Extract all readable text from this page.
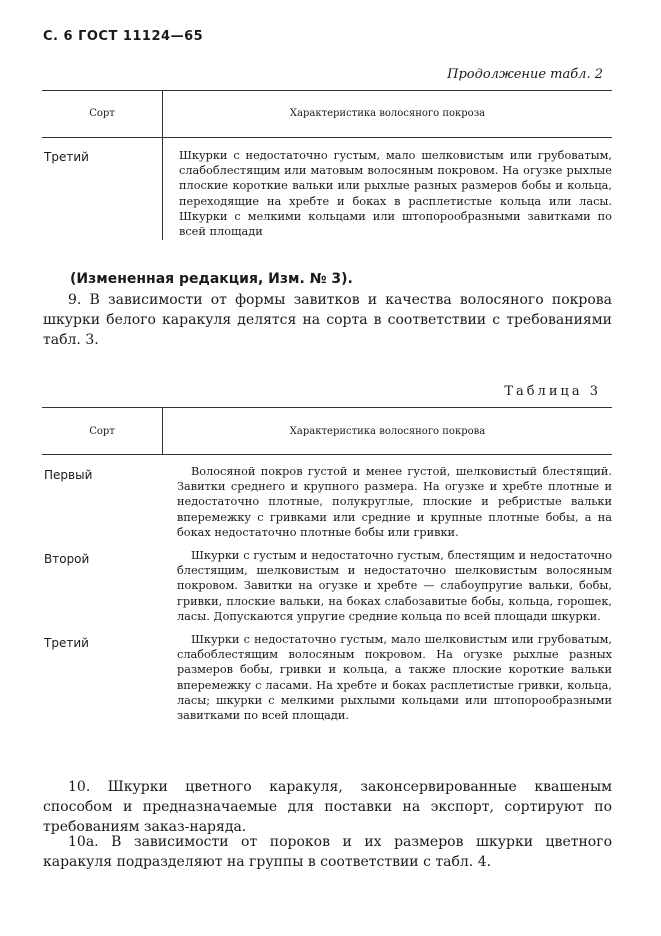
С. 6 ГОСТ 11124—65
Продолжение табл. 2
Сорт	Характеристика волосяного покроза
Третий	Шкурки с недостаточно густым, мало шелковистым или грубоватым, слабоблестящим или матовым волосяным покровом. На огузке рыхлые плоские короткие вальки или рыхлые разных размеров бобы и кольца, переходящие на хребте и боках в расплетистые кольца или ласы. Шкурки с мелкими кольцами или штопорообразными завитками по всей площади

(Измененная редакция, Изм. № 3).
9. В зависимости от формы завитков и качества волосяного покрова шкурки белого каракуля делятся на сорта в соответствии с требованиями табл. 3.
Таблица 3
Сорт	Характеристика волосяного покрова
Первый	Волосяной покров густой и менее густой, шелковистый блестящий. Завитки среднего и крупного размера. На огузке и хребте плотные и недостаточно плотные, полукруглые, плоские и ребристые вальки вперемежку с гривками или средние и крупные плотные бобы, а на боках недостаточно плотные бобы или гривки.

Второй	Шкурки с густым и недостаточно густым, блестящим и недостаточно блестящим, шелковистым и недостаточно шелковистым волосяным покровом. Завитки на огузке и хребте — слабоупругие вальки, бобы, гривки, плоские вальки, на боках слабозавитые бобы, кольца, горошек, ласы. Допускаются упругие средние кольца по всей площади шкурки.

Третий	Шкурки с недостаточно густым, мало шелковистым или грубоватым, слабоблестящим волосяным покровом. На огузке рыхлые разных размеров бобы, гривки и кольца, а также плоские короткие вальки вперемежку с ласами. На хребте и боках расплетистые гривки, кольца, ласы; шкурки с мелкими рыхлыми кольцами или штопорообразными завитками по всей площади.

10. Шкурки цветного каракуля, законсервированные квашеным способом и предназначаемые для поставки на экспорт, сортируют по требованиям заказ-наряда.
10а. В зависимости от пороков и их размеров шкурки цветного каракуля подразделяют на группы в соответствии с табл. 4.
